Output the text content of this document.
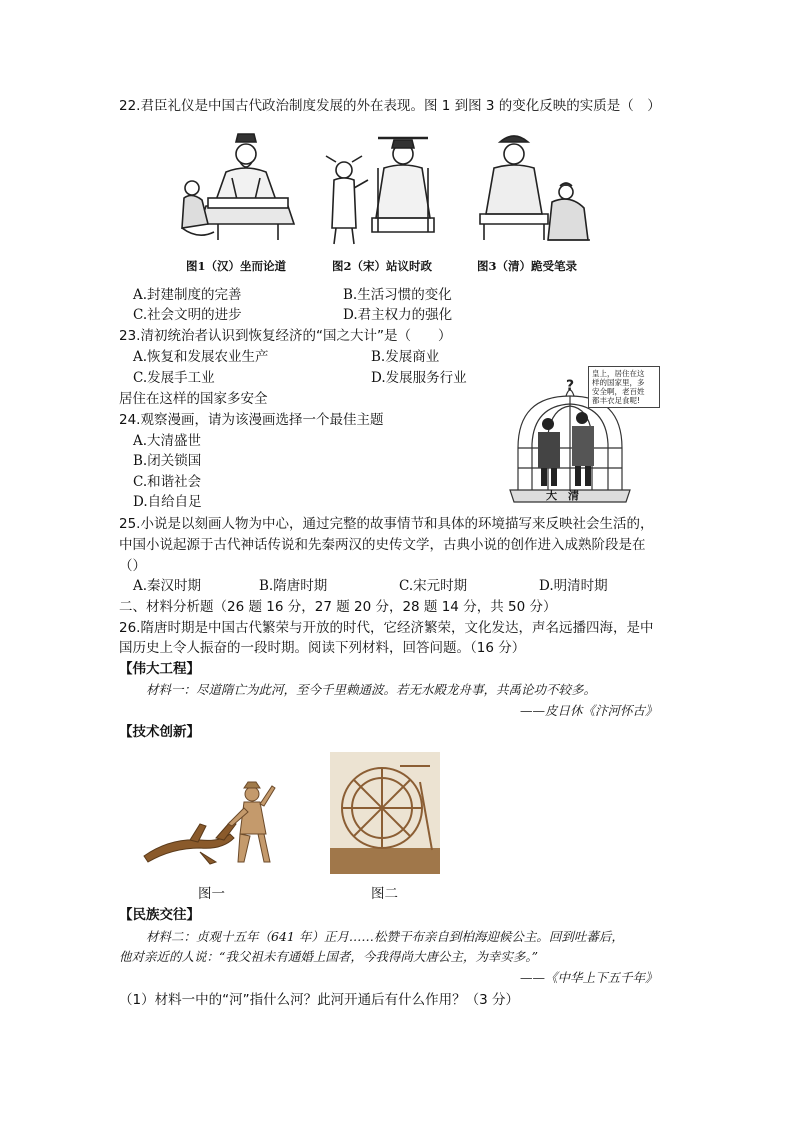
22.君臣礼仪是中国古代政治制度发展的外在表现。图 1 到图 3 的变化反映的实质是（　）
图1（汉）坐而论道	图2（宋）站议时政	图3（清）跪受笔录
A.封建制度的完善	B.生活习惯的变化
C.社会文明的进步	D.君主权力的强化
23.清初统治者认识到恢复经济的“国之大计”是（　　）
A.恢复和发展农业生产	B.发展商业
C.发展手工业	D.发展服务行业
居住在这样的国家多安全
?
大　清
皇上，居住在这
样的国家里，多
安全啊，老百姓
都丰衣足食呢!
24.观察漫画，请为该漫画选择一个最佳主题
A.大清盛世
B.闭关锁国
C.和谐社会
D.自给自足
25.小说是以刻画人物为中心，通过完整的故事情节和具体的环境描写来反映社会生活的，
中国小说起源于古代神话传说和先秦两汉的史传文学，古典小说的创作进入成熟阶段是在
（）
A.秦汉时期	B.隋唐时期	C.宋元时期	D.明清时期
二、材料分析题（26 题 16 分，27 题 20 分，28 题 14 分，共 50 分）
26.隋唐时期是中国古代繁荣与开放的时代，它经济繁荣，文化发达，声名远播四海，是中
国历史上令人振奋的一段时期。阅读下列材料，回答问题。（16 分）
【伟大工程】
材料一：尽道隋亡为此河，至今千里赖通波。若无水殿龙舟事，共禹论功不较多。
——皮日休《汴河怀古》
【技术创新】
图一	图二
【民族交往】
材料二：贞观十五年（641 年）正月……松赞干布亲自到柏海迎候公主。回到吐蕃后，
他对亲近的人说：“我父祖未有通婚上国者，今我得尚大唐公主，为幸实多。”
——《中华上下五千年》
（1）材料一中的“河”指什么河？此河开通后有什么作用？（3 分）
